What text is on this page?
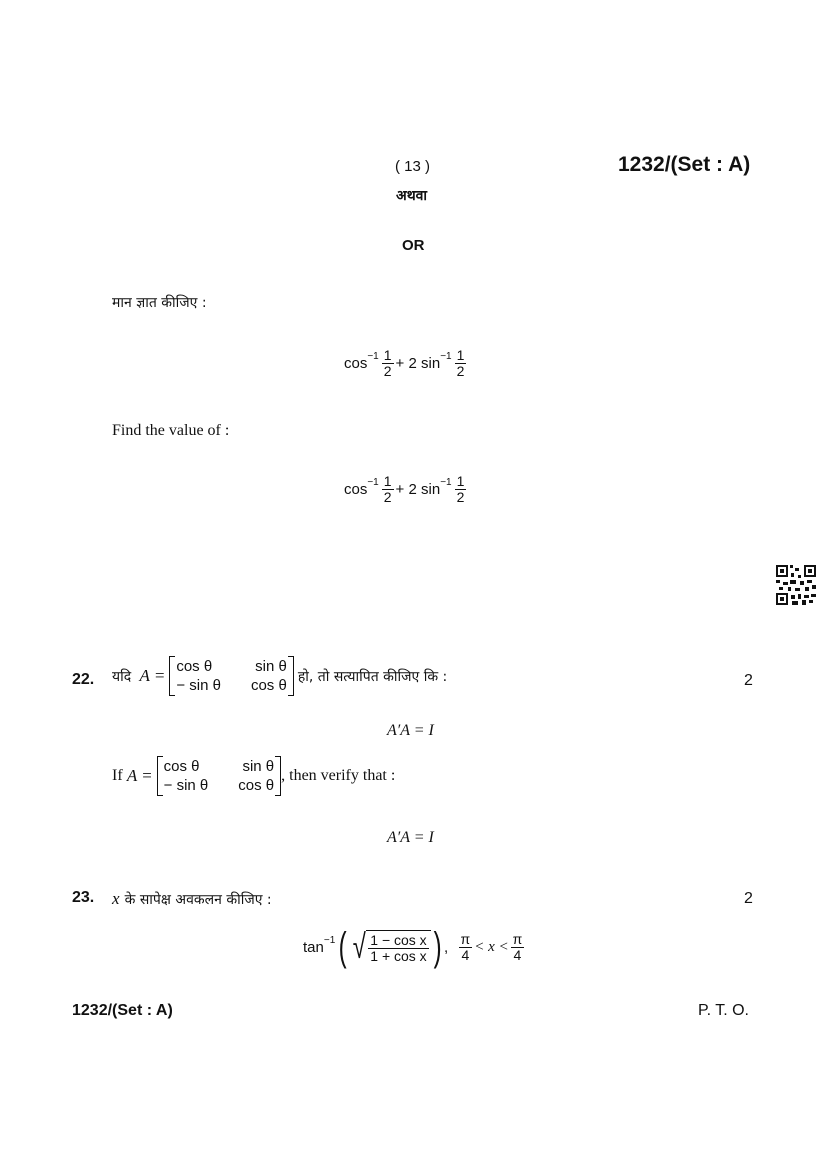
( 13 )	1232/(Set : A)
अथवा
OR
मान ज्ञात कीजिए :
$\cos^{-1} \frac{1}{2} + 2$
$\sin^{-1} \frac{1}{2}$
Find the value of :
$\cos^{-1} \frac{1}{2} + 2$
$\sin^{-1} \frac{1}{2}$
22. यदि
A = cos θ	sin θ
− sin θ cos θ
हो, तो सत्यापित कीजिए कि :	2
A′A = I
If
A = cos θ	sin θ
− sin θ cos θ
, then verify that :
A′A = I
23. x
के सापेक्ष अवकलन कीजिए :	2
$\tan^{-1}$ ( √ $\frac{\text{1 − cos x}}{\text{1 + cos x}}$ ) ,
$\frac{\pi}{4} < x < \frac{\pi}{4}$
1232/(Set : A)	P. T. O.
